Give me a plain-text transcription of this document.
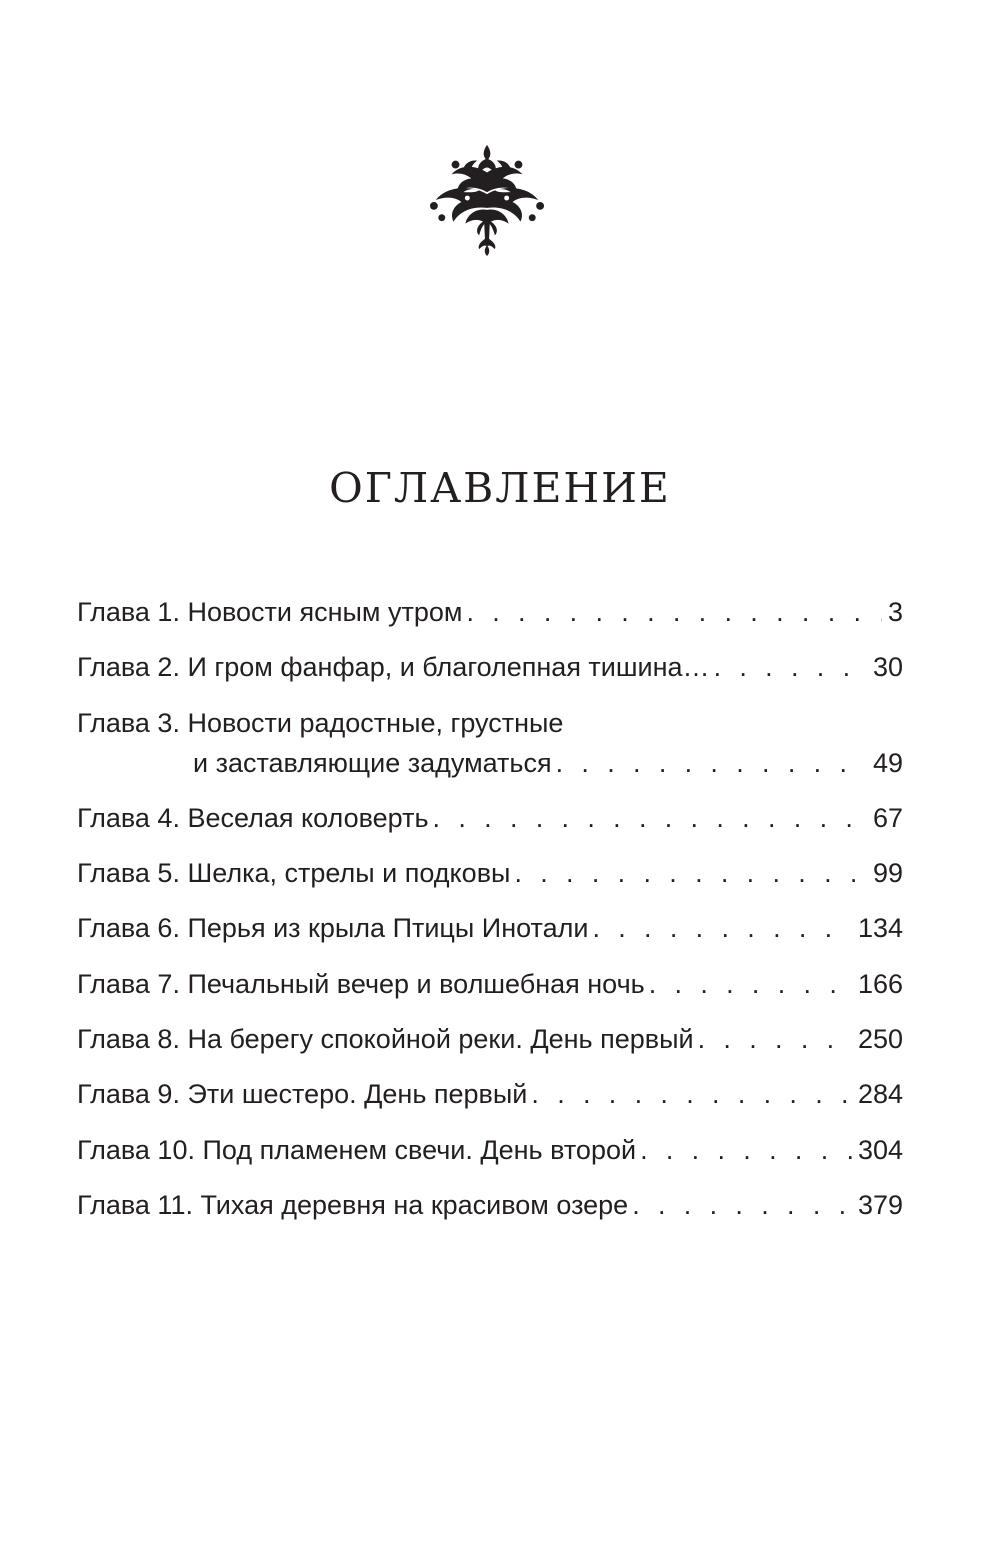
ОГЛАВЛЕНИЕ
Глава 1. Новости ясным утром . . .	3
Глава 2. И гром фанфар, и благолепная тишина… . . .	30
Глава 3. Новости радостные, грустные
и заставляющие задуматься . . .	49
Глава 4. Веселая коловерть . . .	67
Глава 5. Шелка, стрелы и подковы . . .	99
Глава 6. Перья из крыла Птицы Инотали . . .	134
Глава 7. Печальный вечер и волшебная ночь . . .	166
Глава 8. На берегу спокойной реки. День первый . . .	250
Глава 9. Эти шестеро. День первый . . .	284
Глава 10. Под пламенем свечи. День второй . . .	304
Глава 11. Тихая деревня на красивом озере . . .	379
